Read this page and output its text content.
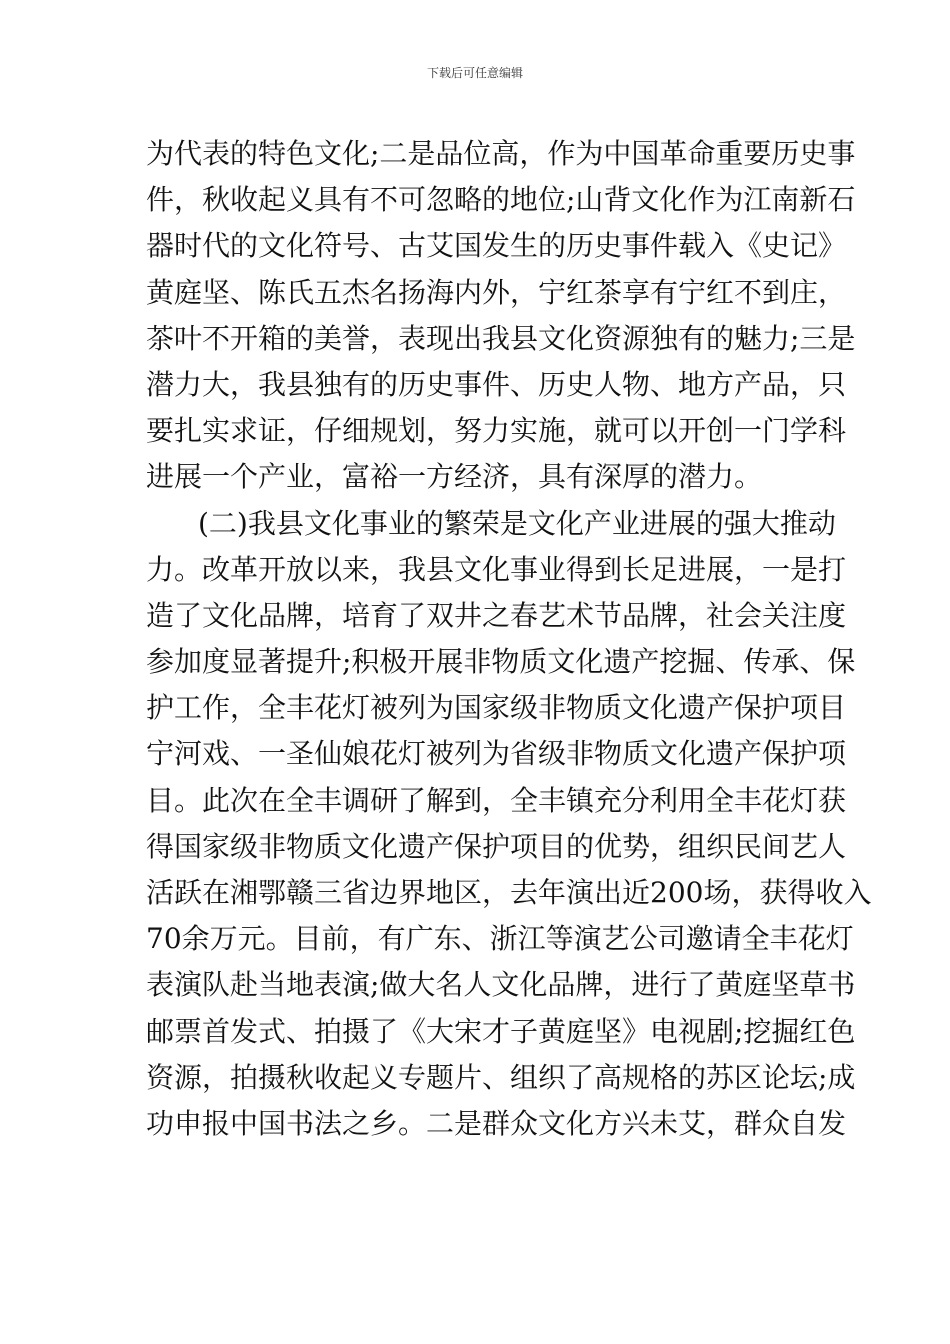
下载后可任意编辑
为代表的特色文化;二是品位高，作为中国革命重要历史事
件，秋收起义具有不可忽略的地位;山背文化作为江南新石
器时代的文化符号、古艾国发生的历史事件载入《史记》
黄庭坚、陈氏五杰名扬海内外，宁红茶享有宁红不到庄，
茶叶不开箱的美誉，表现出我县文化资源独有的魅力;三是
潜力大，我县独有的历史事件、历史人物、地方产品，只
要扎实求证，仔细规划，努力实施，就可以开创一门学科
进展一个产业，富裕一方经济，具有深厚的潜力。
(二)我县文化事业的繁荣是文化产业进展的强大推动
力。改革开放以来，我县文化事业得到长足进展，一是打
造了文化品牌，培育了双井之春艺术节品牌，社会关注度
参加度显著提升;积极开展非物质文化遗产挖掘、传承、保
护工作，全丰花灯被列为国家级非物质文化遗产保护项目
宁河戏、一圣仙娘花灯被列为省级非物质文化遗产保护项
目。此次在全丰调研了解到，全丰镇充分利用全丰花灯获
得国家级非物质文化遗产保护项目的优势，组织民间艺人
活跃在湘鄂赣三省边界地区，去年演出近200场，获得收入
70余万元。目前，有广东、浙江等演艺公司邀请全丰花灯
表演队赴当地表演;做大名人文化品牌，进行了黄庭坚草书
邮票首发式、拍摄了《大宋才子黄庭坚》电视剧;挖掘红色
资源，拍摄秋收起义专题片、组织了高规格的苏区论坛;成
功申报中国书法之乡。二是群众文化方兴未艾，群众自发
